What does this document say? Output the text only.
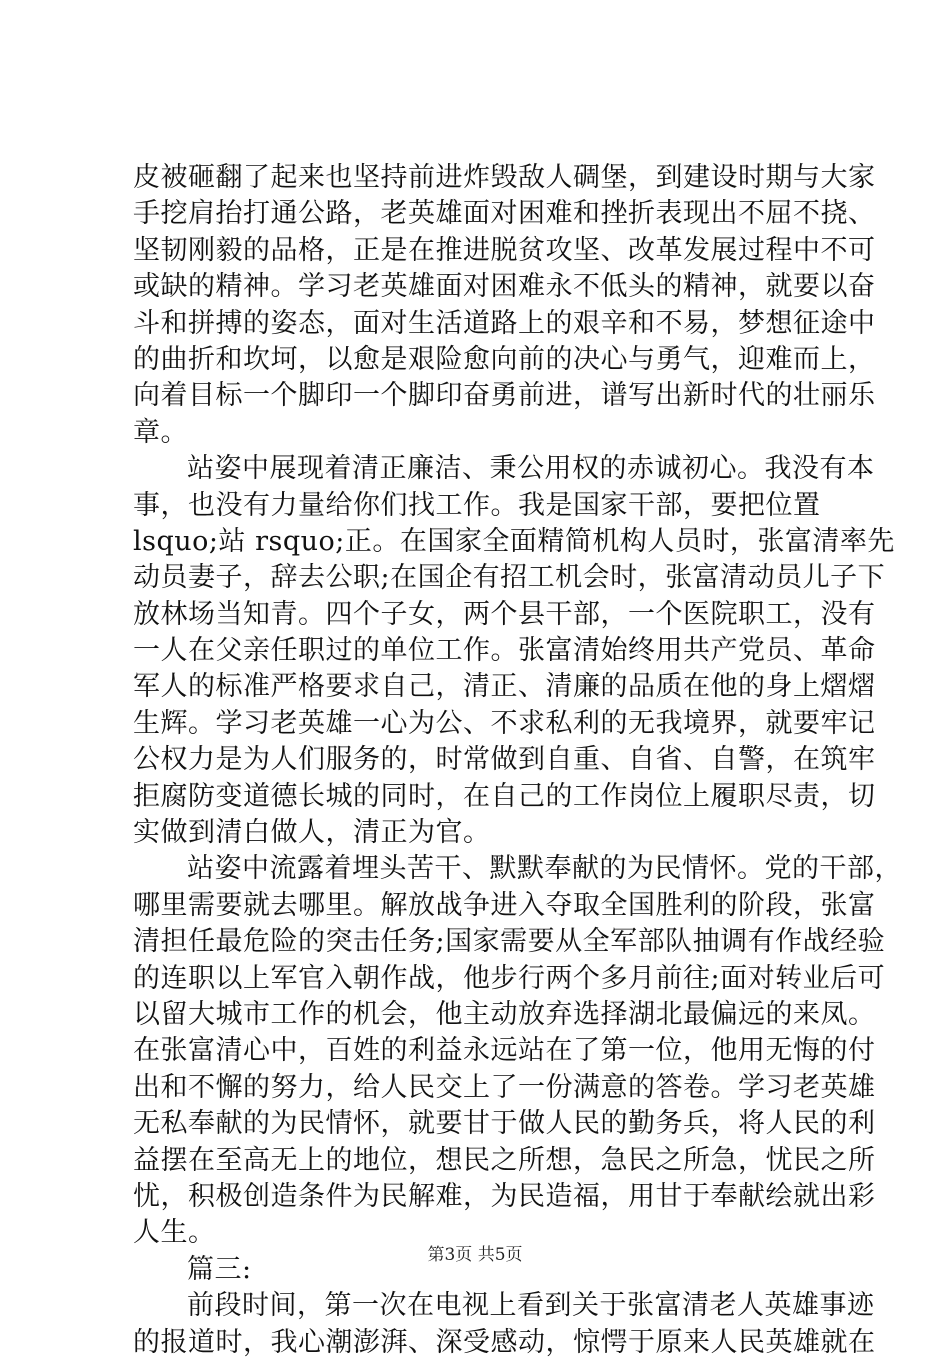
皮被砸翻了起来也坚持前进炸毁敌人碉堡，到建设时期与大家
手挖肩抬打通公路，老英雄面对困难和挫折表现出不屈不挠、
坚韧刚毅的品格，正是在推进脱贫攻坚、改革发展过程中不可
或缺的精神。学习老英雄面对困难永不低头的精神，就要以奋
斗和拼搏的姿态，面对生活道路上的艰辛和不易，梦想征途中
的曲折和坎坷，以愈是艰险愈向前的决心与勇气，迎难而上，
向着目标一个脚印一个脚印奋勇前进，谱写出新时代的壮丽乐
章。
站姿中展现着清正廉洁、秉公用权的赤诚初心。我没有本
事，也没有力量给你们找工作。我是国家干部，要把位置
lsquo;站 rsquo;正。在国家全面精简机构人员时，张富清率先
动员妻子，辞去公职;在国企有招工机会时，张富清动员儿子下
放林场当知青。四个子女，两个县干部，一个医院职工，没有
一人在父亲任职过的单位工作。张富清始终用共产党员、革命
军人的标准严格要求自己，清正、清廉的品质在他的身上熠熠
生辉。学习老英雄一心为公、不求私利的无我境界，就要牢记
公权力是为人们服务的，时常做到自重、自省、自警，在筑牢
拒腐防变道德长城的同时，在自己的工作岗位上履职尽责，切
实做到清白做人，清正为官。
站姿中流露着埋头苦干、默默奉献的为民情怀。党的干部，
哪里需要就去哪里。解放战争进入夺取全国胜利的阶段，张富
清担任最危险的突击任务;国家需要从全军部队抽调有作战经验
的连职以上军官入朝作战，他步行两个多月前往;面对转业后可
以留大城市工作的机会，他主动放弃选择湖北最偏远的来凤。
在张富清心中，百姓的利益永远站在了第一位，他用无悔的付
出和不懈的努力，给人民交上了一份满意的答卷。学习老英雄
无私奉献的为民情怀，就要甘于做人民的勤务兵，将人民的利
益摆在至高无上的地位，想民之所想，急民之所急，忧民之所
忧，积极创造条件为民解难，为民造福，用甘于奉献绘就出彩
人生。
篇三:
前段时间，第一次在电视上看到关于张富清老人英雄事迹
的报道时，我心潮澎湃、深受感动，惊愕于原来人民英雄就在
第3页 共5页
